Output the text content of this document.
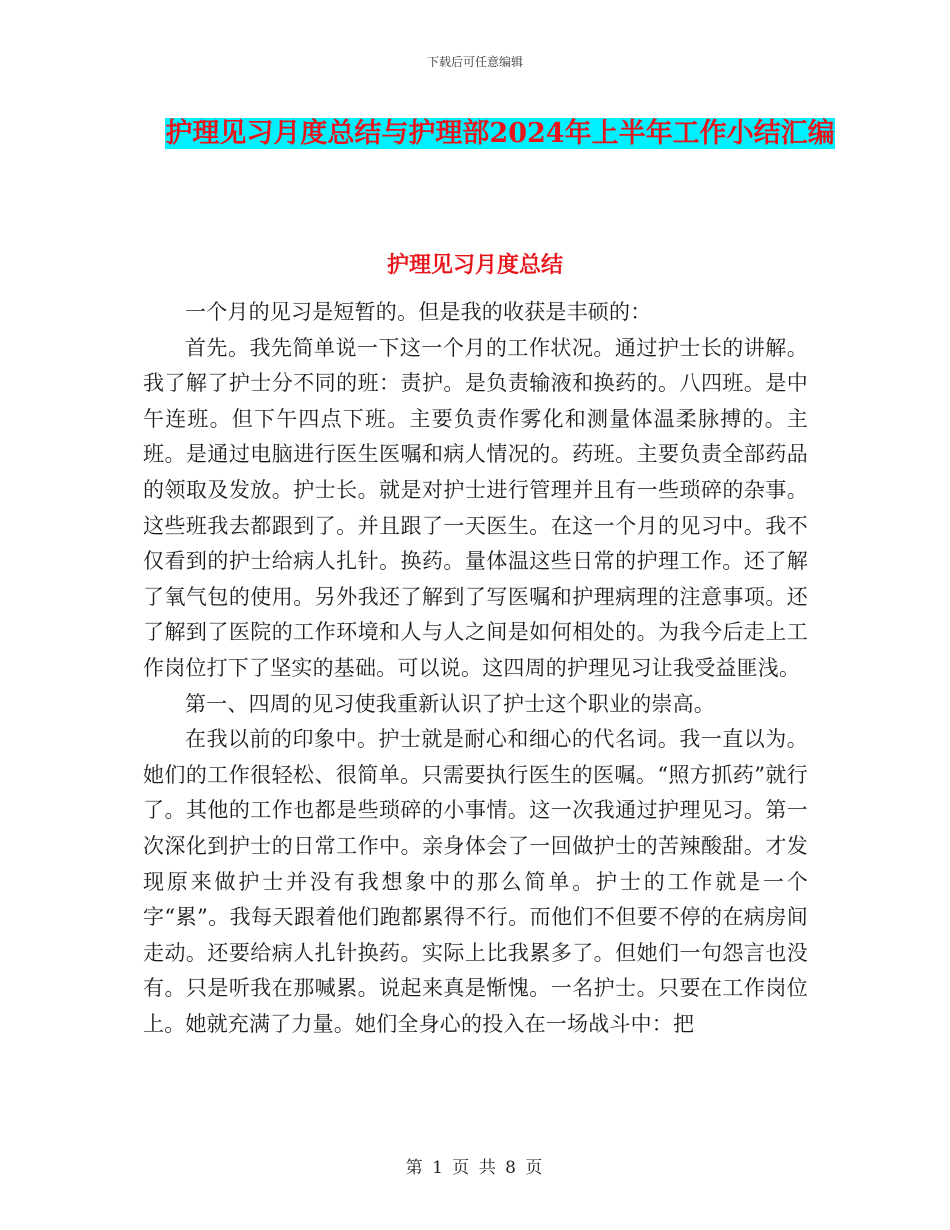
下载后可任意编辑
护理见习月度总结与护理部2024年上半年工作小结汇编
护理见习月度总结

一个月的见习是短暂的。但是我的收获是丰硕的：

首先。我先简单说一下这一个月的工作状况。通过护士长的讲解。我了解了护士分不同的班：责护。是负责输液和换药的。八四班。是中午连班。但下午四点下班。主要负责作雾化和测量体温柔脉搏的。主班。是通过电脑进行医生医嘱和病人情况的。药班。主要负责全部药品的领取及发放。护士长。就是对护士进行管理并且有一些琐碎的杂事。这些班我去都跟到了。并且跟了一天医生。在这一个月的见习中。我不仅看到的护士给病人扎针。换药。量体温这些日常的护理工作。还了解了氧气包的使用。另外我还了解到了写医嘱和护理病理的注意事项。还了解到了医院的工作环境和人与人之间是如何相处的。为我今后走上工作岗位打下了坚实的基础。可以说。这四周的护理见习让我受益匪浅。

第一、四周的见习使我重新认识了护士这个职业的崇高。

在我以前的印象中。护士就是耐心和细心的代名词。我一直以为。她们的工作很轻松、很简单。只需要执行医生的医嘱。“照方抓药”就行了。其他的工作也都是些琐碎的小事情。这一次我通过护理见习。第一次深化到护士的日常工作中。亲身体会了一回做护士的苦辣酸甜。才发现原来做护士并没有我想象中的那么简单。护士的工作就是一个字“累”。我每天跟着他们跑都累得不行。而他们不但要不停的在病房间走动。还要给病人扎针换药。实际上比我累多了。但她们一句怨言也没有。只是听我在那喊累。说起来真是惭愧。一名护士。只要在工作岗位上。她就充满了力量。她们全身心的投入在一场战斗中：把

第 1 页 共 8 页
